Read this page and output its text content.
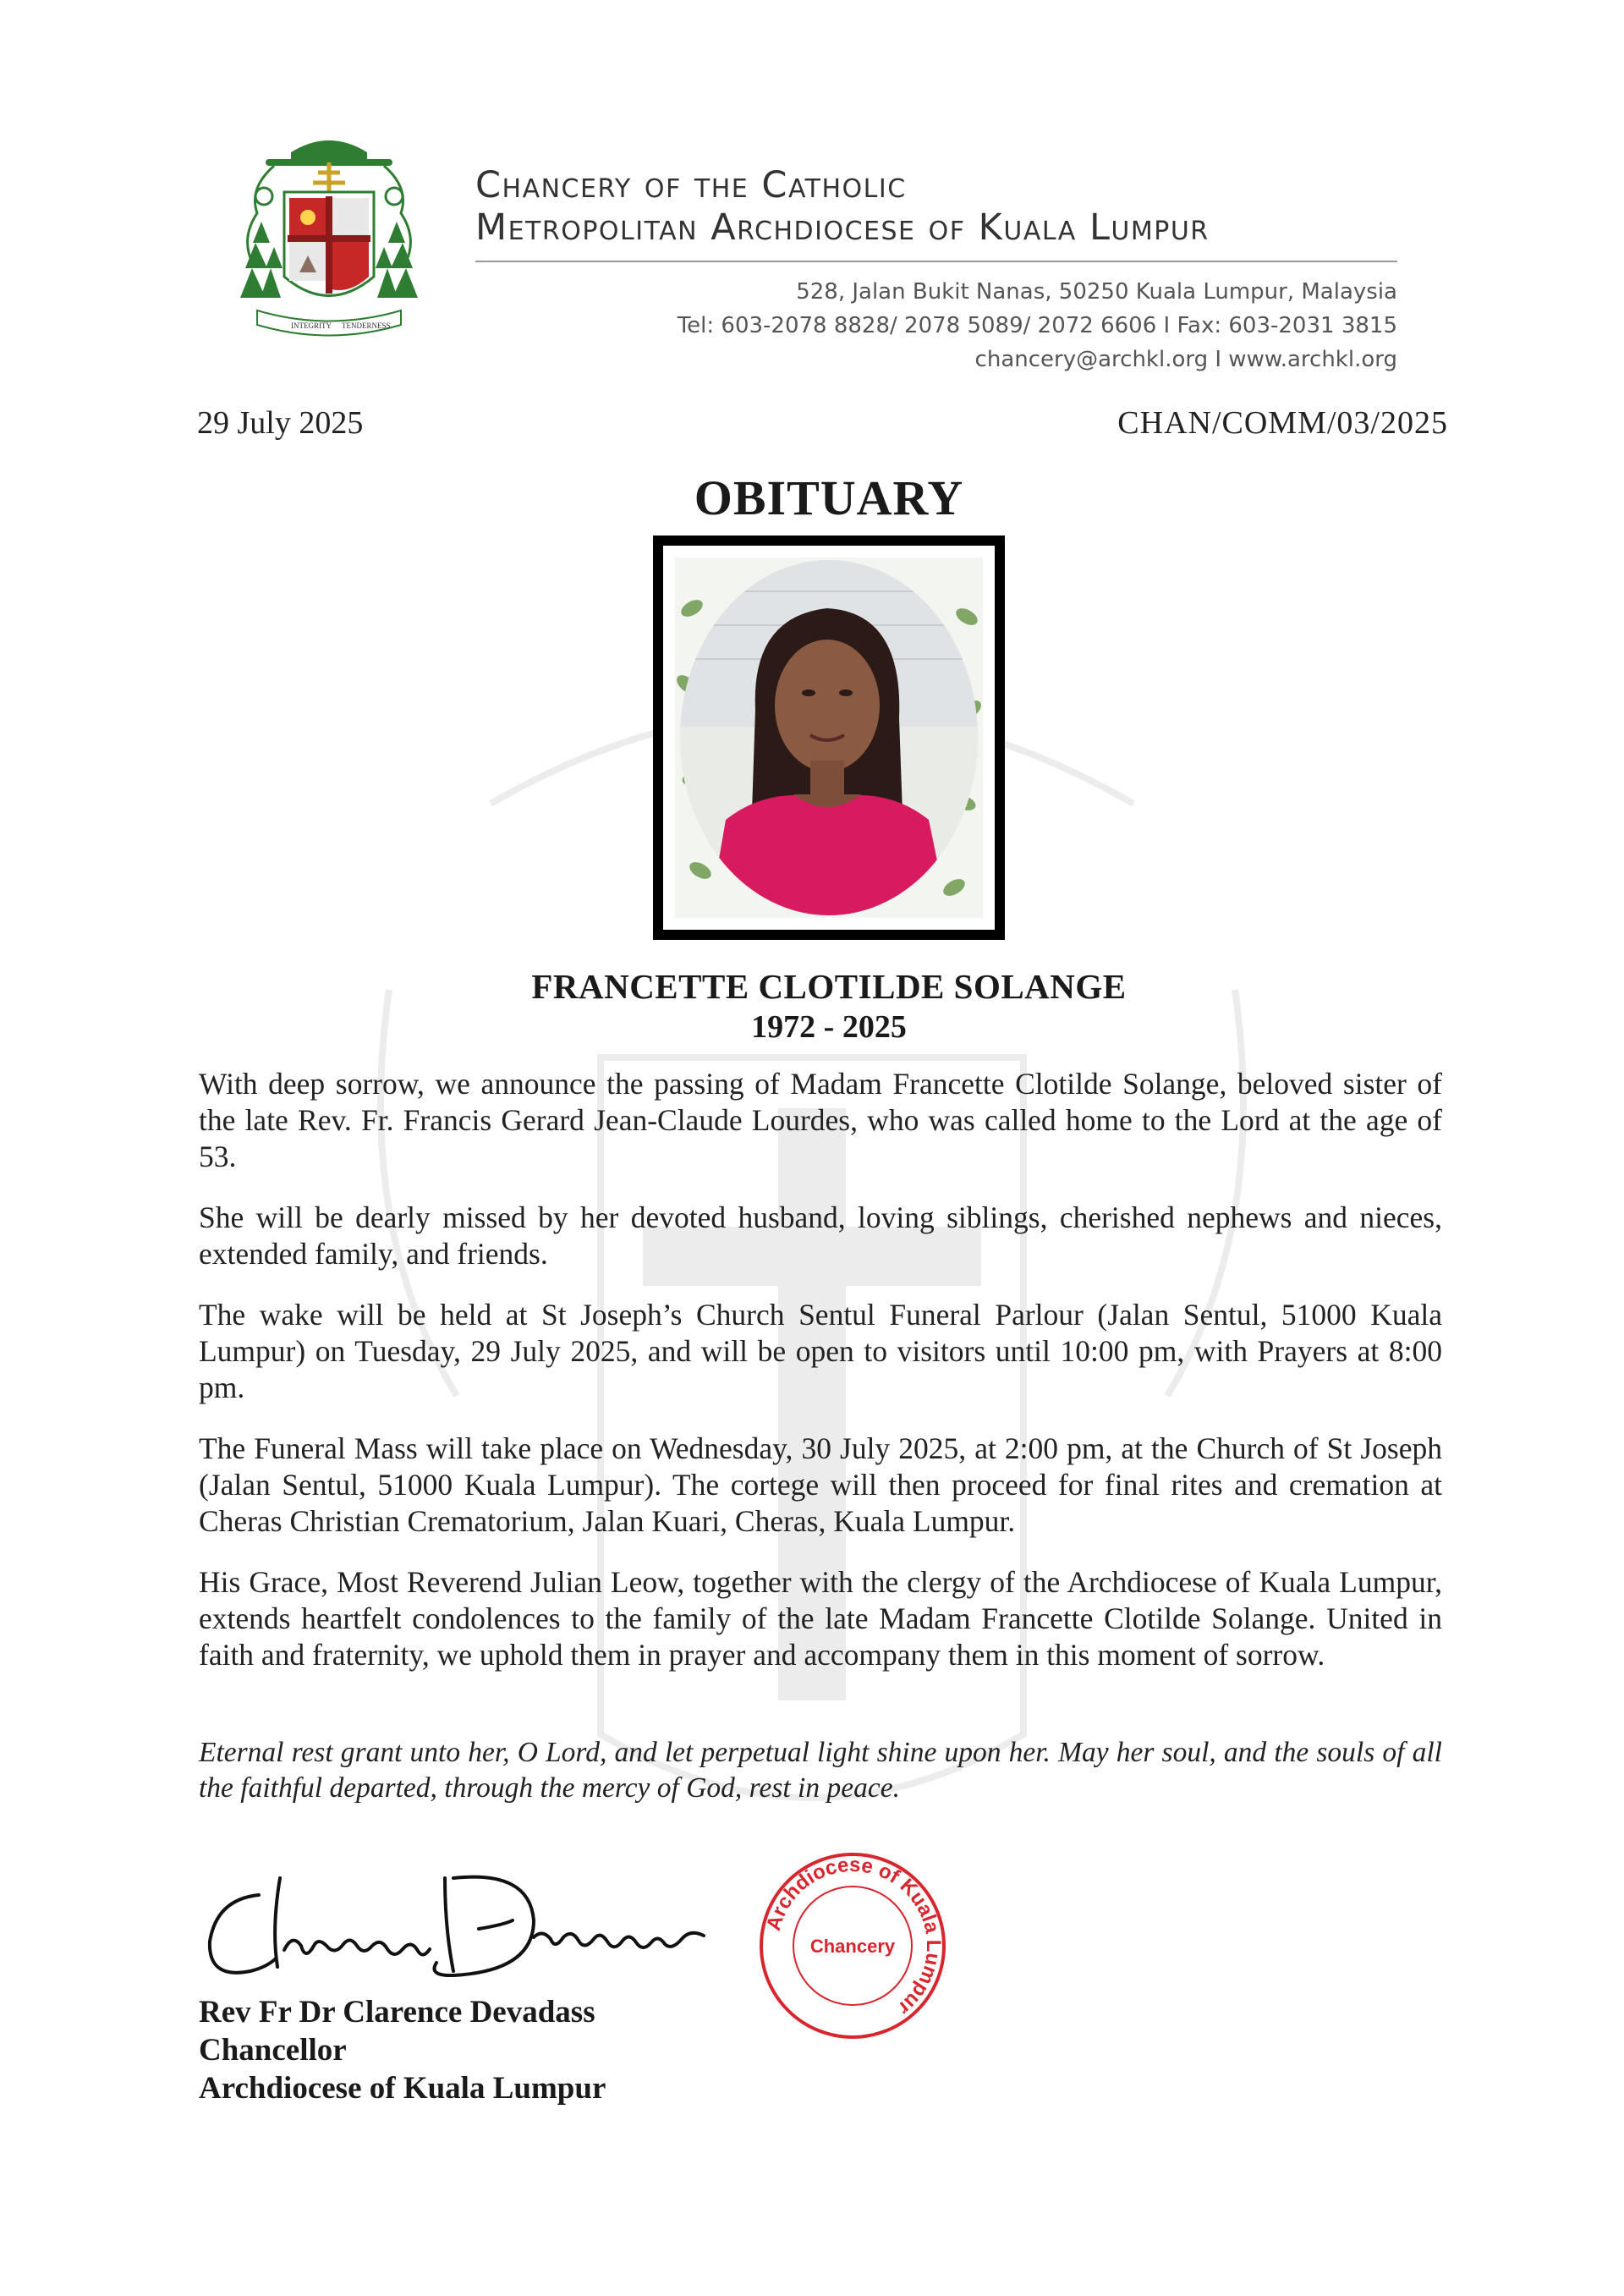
INTEGRITY TENDERNESS
Chancery of the Catholic
Metropolitan Archdiocese of Kuala Lumpur
528, Jalan Bukit Nanas, 50250 Kuala Lumpur, Malaysia
Tel: 603-2078 8828/ 2078 5089/ 2072 6606 I Fax: 603-2031 3815
chancery@archkl.org I www.archkl.org
29 July 2025	CHAN/COMM/03/2025
OBITUARY
FRANCETTE CLOTILDE SOLANGE
1972 - 2025
With deep sorrow, we announce the passing of Madam Francette Clotilde Solange, beloved sister of the late Rev. Fr. Francis Gerard Jean-Claude Lourdes, who was called home to the Lord at the age of 53.
She will be dearly missed by her devoted husband, loving siblings, cherished nephews and nieces, extended family, and friends.
The wake will be held at St Joseph’s Church Sentul Funeral Parlour (Jalan Sentul, 51000 Kuala Lumpur) on Tuesday, 29 July 2025, and will be open to visitors until 10:00 pm, with Prayers at 8:00 pm.
The Funeral Mass will take place on Wednesday, 30 July 2025, at 2:00 pm, at the Church of St Joseph (Jalan Sentul, 51000 Kuala Lumpur). The cortege will then proceed for final rites and cremation at Cheras Christian Crematorium, Jalan Kuari, Cheras, Kuala Lumpur.
His Grace, Most Reverend Julian Leow, together with the clergy of the Archdiocese of Kuala Lumpur, extends heartfelt condolences to the family of the late Madam Francette Clotilde Solange. United in faith and fraternity, we uphold them in prayer and accompany them in this moment of sorrow.
Eternal rest grant unto her, O Lord, and let perpetual light shine upon her. May her soul, and the souls of all the faithful departed, through the mercy of God, rest in peace.
Archdiocese of Kuala Lumpur
Chancery
Rev Fr Dr Clarence Devadass
Chancellor
Archdiocese of Kuala Lumpur
